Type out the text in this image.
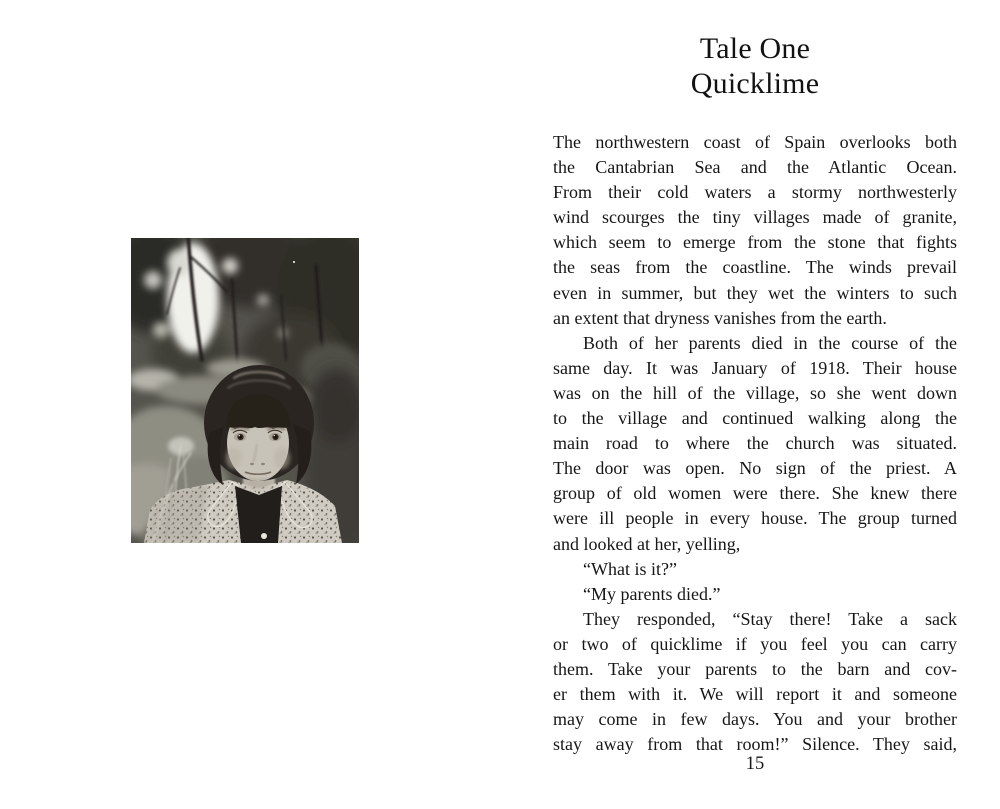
Tale One
Quicklime
The northwestern coast of Spain overlooks both
the Cantabrian Sea and the Atlantic Ocean.
From their cold waters a stormy northwesterly
wind scourges the tiny villages made of granite,
which seem to emerge from the stone that fights
the seas from the coastline. The winds prevail
even in summer, but they wet the winters to such
an extent that dryness vanishes from the earth.
Both of her parents died in the course of the
same day. It was January of 1918. Their house
was on the hill of the village, so she went down
to the village and continued walking along the
main road to where the church was situated.
The door was open. No sign of the priest. A
group of old women were there. She knew there
were ill people in every house. The group turned
and looked at her, yelling,
“What is it?”
“My parents died.”
They responded, “Stay there! Take a sack
or two of quicklime if you feel you can carry
them. Take your parents to the barn and cov-
er them with it. We will report it and someone
may come in few days. You and your brother
stay away from that room!” Silence. They said,
15
